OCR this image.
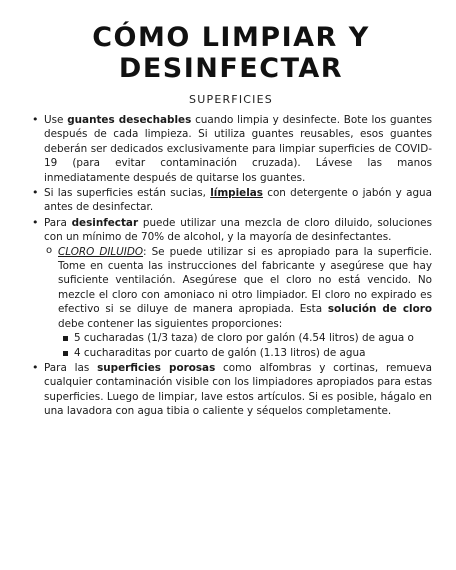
CÓMO LIMPIAR Y
DESINFECTAR
SUPERFICIES
• Use guantes desechables cuando limpia y desinfecte. Bote los guantes después de cada limpieza. Si utiliza guantes reusables, esos guantes deberán ser dedicados exclusivamente para limpiar superficies de COVID-19 (para evitar contaminación cruzada). Lávese las manos inmediatamente después de quitarse los guantes.
• Si las superficies están sucias, límpielas con detergente o jabón y agua antes de desinfectar.
• Para desinfectar puede utilizar una mezcla de cloro diluido, soluciones con un mínimo de 70% de alcohol, y la mayoría de desinfectantes.
o CLORO DILUIDO: Se puede utilizar si es apropiado para la superficie. Tome en cuenta las instrucciones del fabricante y asegúrese que hay suficiente ventilación. Asegúrese que el cloro no está vencido. No mezcle el cloro con amoniaco ni otro limpiador. El cloro no expirado es efectivo si se diluye de manera apropiada. Esta solución de cloro debe contener las siguientes proporciones:
5 cucharadas (1/3 taza) de cloro por galón (4.54 litros) de agua o
4 cucharaditas por cuarto de galón (1.13 litros) de agua
• Para las superficies porosas como alfombras y cortinas, remueva cualquier contaminación visible con los limpiadores apropiados para estas superficies. Luego de limpiar, lave estos artículos. Si es posible, hágalo en una lavadora con agua tibia o caliente y séquelos completamente.
